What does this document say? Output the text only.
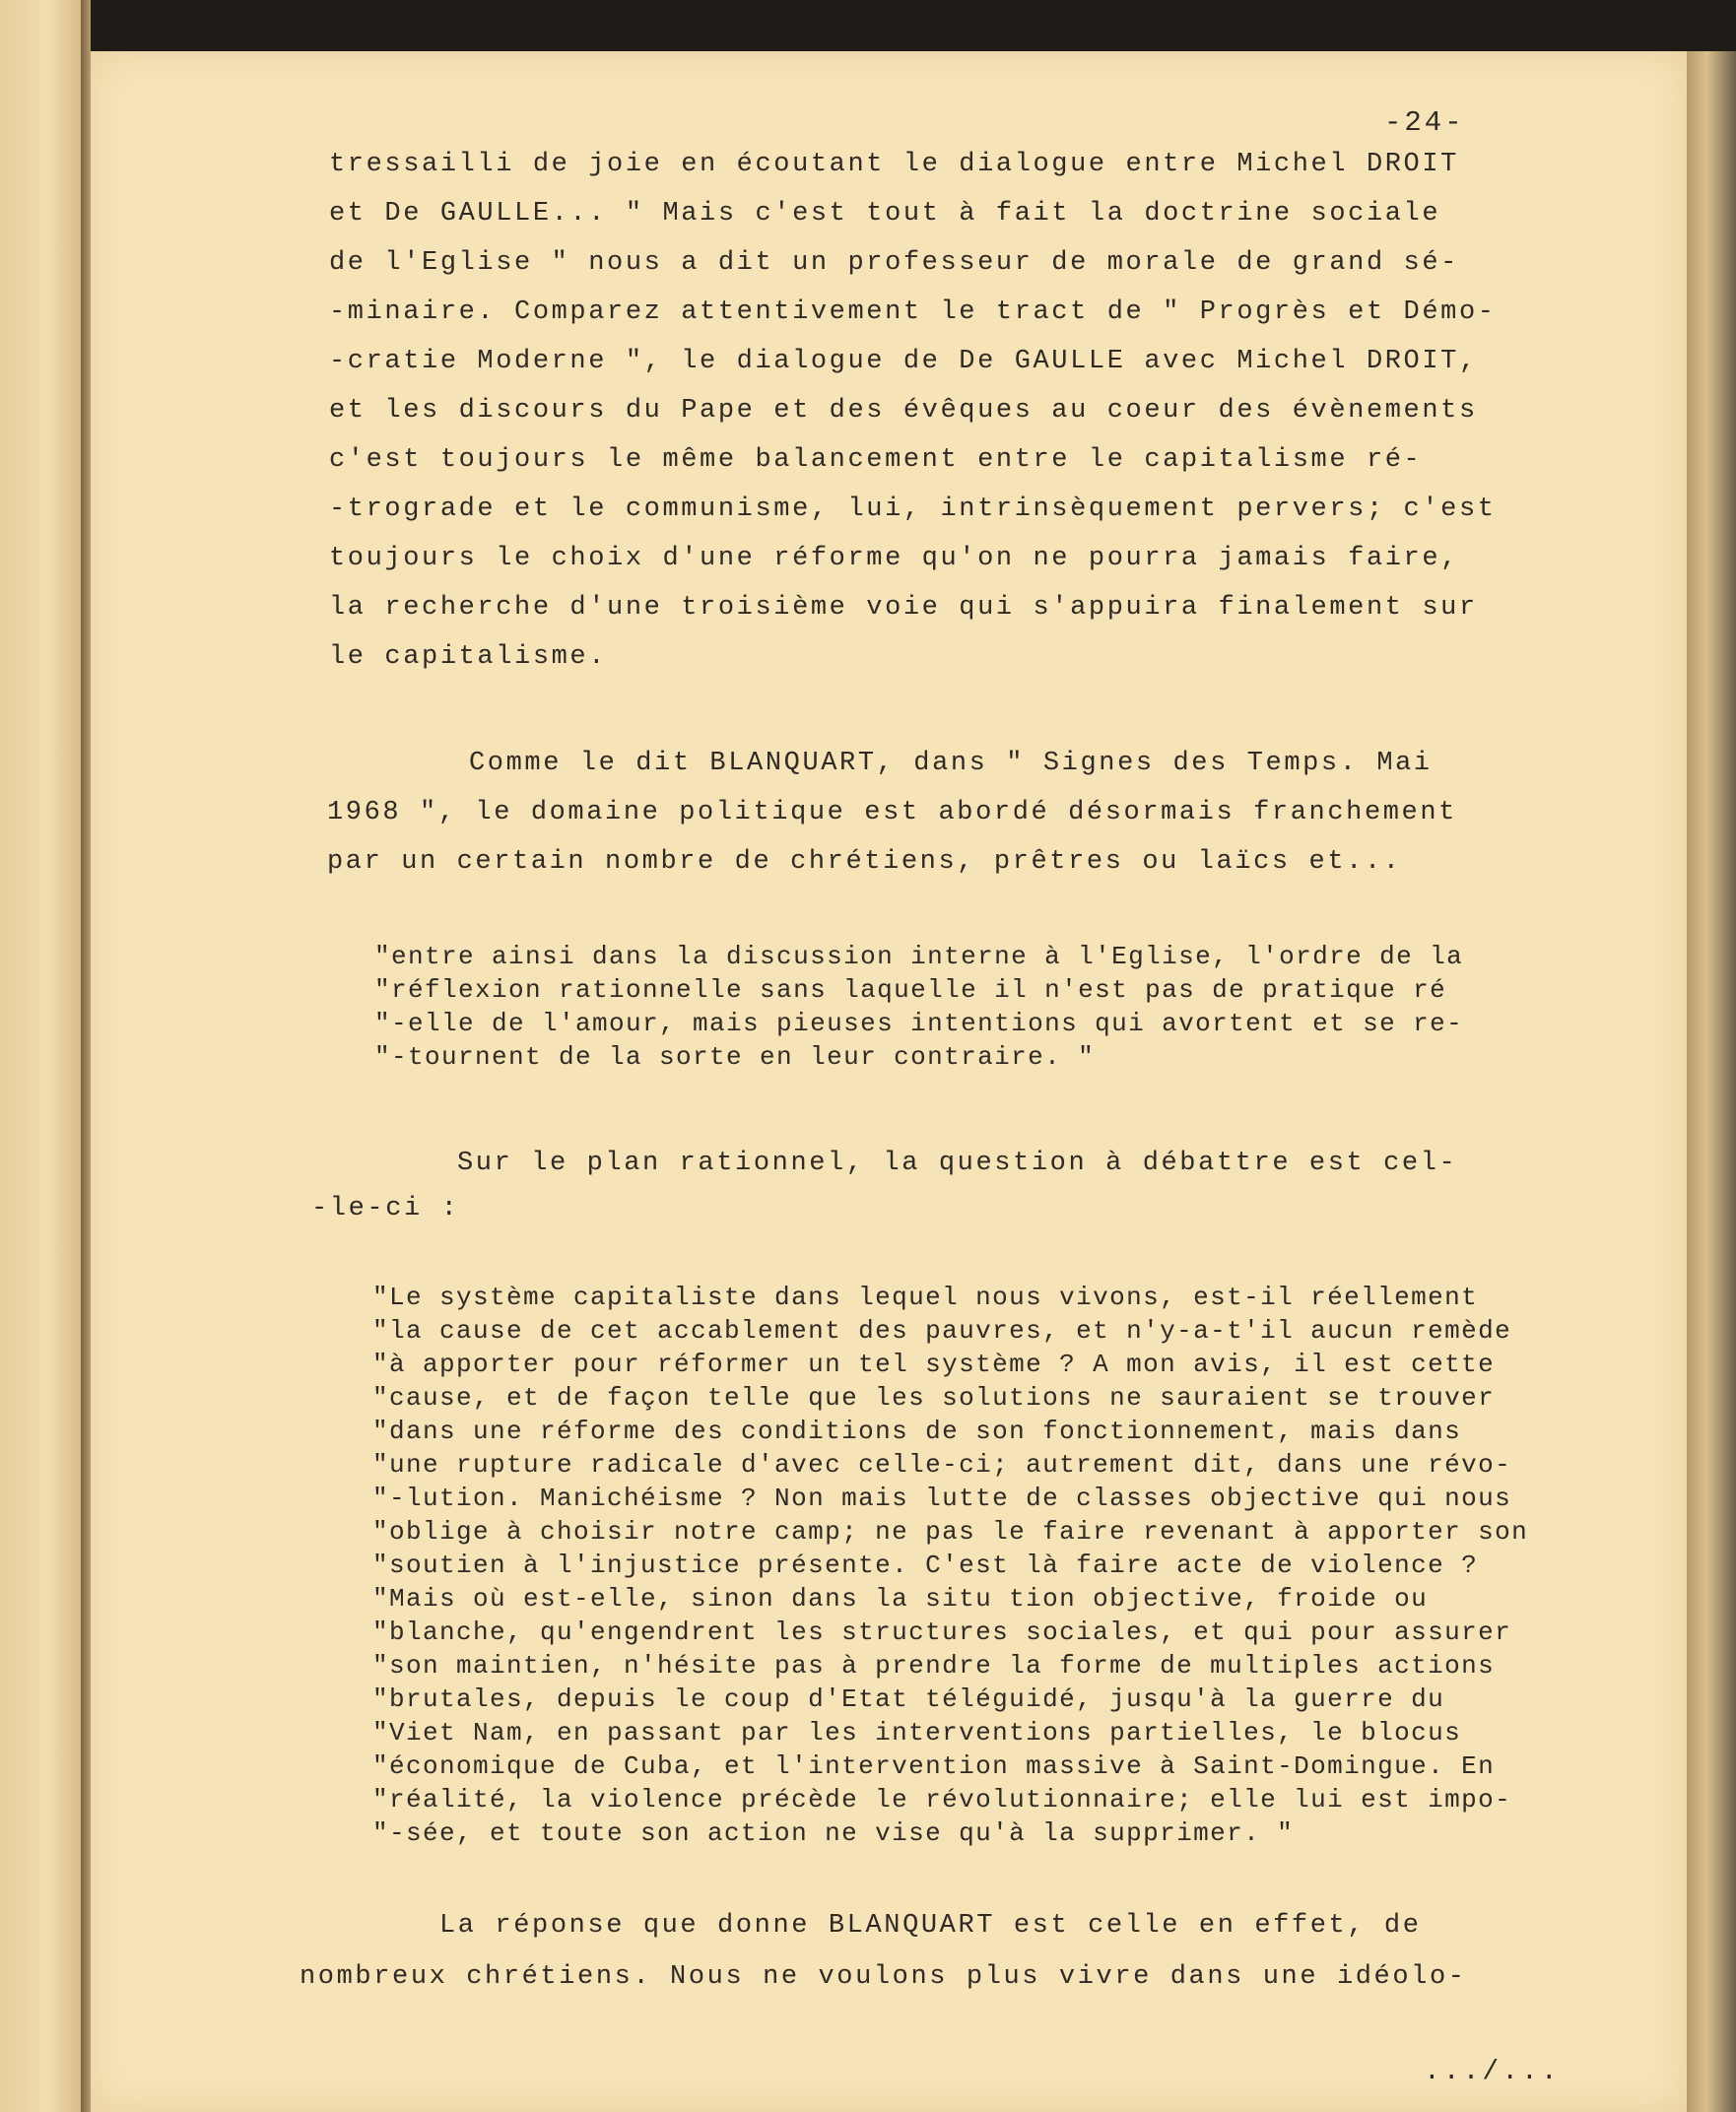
-24-
tressailli de joie en écoutant le dialogue entre Michel DROIT
et De GAULLE... " Mais c'est tout à fait la doctrine sociale
de l'Eglise " nous a dit un professeur de morale de grand sé-
-minaire. Comparez attentivement le tract de " Progrès et Démo-
-cratie Moderne ", le dialogue de De GAULLE avec Michel DROIT,
et les discours du Pape et des évêques au coeur des évènements
c'est toujours le même balancement entre le capitalisme ré-
-trograde et le communisme, lui, intrinsèquement pervers; c'est
toujours le choix d'une réforme qu'on ne pourra jamais faire,
la recherche d'une troisième voie qui s'appuira finalement sur
le capitalisme.
Comme le dit BLANQUART, dans " Signes des Temps. Mai
1968 ", le domaine politique est abordé désormais franchement
par un certain nombre de chrétiens, prêtres ou laïcs et...
"entre ainsi dans la discussion interne à l'Eglise, l'ordre de la
"réflexion rationnelle sans laquelle il n'est pas de pratique ré
"-elle de l'amour, mais pieuses intentions qui avortent et se re-
"-tournent de la sorte en leur contraire. "
Sur le plan rationnel, la question à débattre est cel-
-le-ci :
"Le système capitaliste dans lequel nous vivons, est-il réellement
"la cause de cet accablement des pauvres, et n'y-a-t'il aucun remède
"à apporter pour réformer un tel système ? A mon avis, il est cette
"cause, et de façon telle que les solutions ne sauraient se trouver
"dans une réforme des conditions de son fonctionnement, mais dans
"une rupture radicale d'avec celle-ci; autrement dit, dans une révo-
"-lution. Manichéisme ? Non mais lutte de classes objective qui nous
"oblige à choisir notre camp; ne pas le faire revenant à apporter son
"soutien à l'injustice présente. C'est là faire acte de violence ?
"Mais où est-elle, sinon dans la situ tion objective, froide ou
"blanche, qu'engendrent les structures sociales, et qui pour assurer
"son maintien, n'hésite pas à prendre la forme de multiples actions
"brutales, depuis le coup d'Etat téléguidé, jusqu'à la guerre du
"Viet Nam, en passant par les interventions partielles, le blocus
"économique de Cuba, et l'intervention massive à Saint-Domingue. En
"réalité, la violence précède le révolutionnaire; elle lui est impo-
"-sée, et toute son action ne vise qu'à la supprimer. "
La réponse que donne BLANQUART est celle en effet, de
nombreux chrétiens. Nous ne voulons plus vivre dans une idéolo-
.../...
